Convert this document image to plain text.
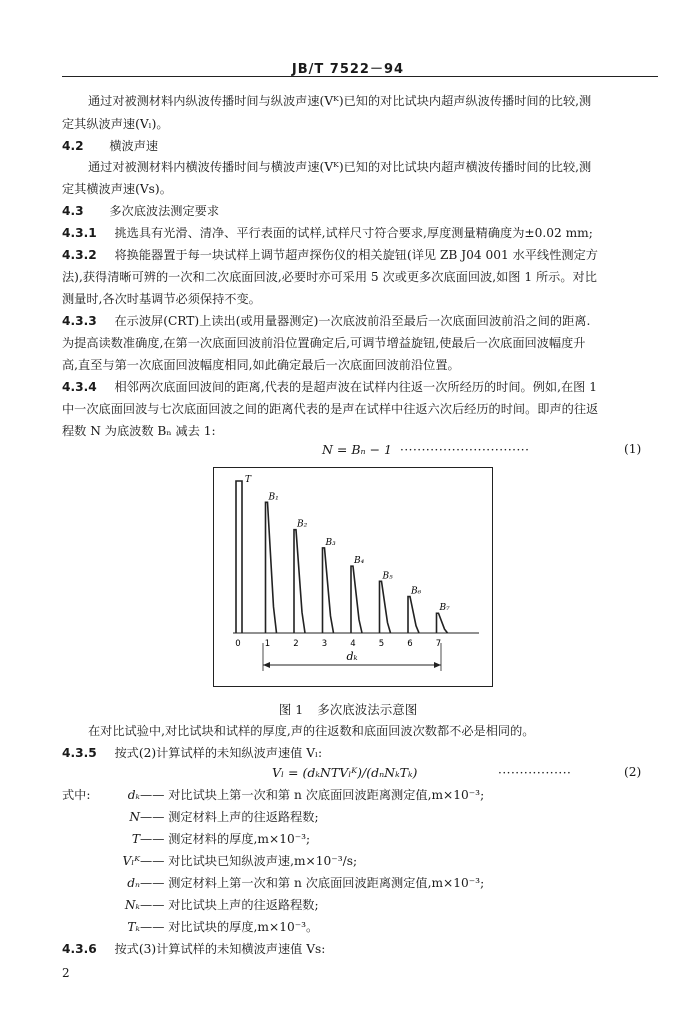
JB/T 7522－94
通过对被测材料内纵波传播时间与纵波声速(Vᴷ)已知的对比试块内超声纵波传播时间的比较,测
定其纵波声速(Vₗ)。
4.2 横波声速
通过对被测材料内横波传播时间与横波声速(Vᴷ)已知的对比试块内超声横波传播时间的比较,测
定其横波声速(Vs)。
4.3 多次底波法测定要求
4.3.1 挑选具有光滑、清净、平行表面的试样,试样尺寸符合要求,厚度测量精确度为±0.02 mm;
4.3.2 将换能器置于每一块试样上调节超声探伤仪的相关旋钮(详见 ZB J04 001 水平线性测定方
法),获得清晰可辨的一次和二次底面回波,必要时亦可采用 5 次或更多次底面回波,如图 1 所示。对比
测量时,各次时基调节必须保持不变。
4.3.3 在示波屏(CRT)上读出(或用量器测定)一次底波前沿至最后一次底面回波前沿之间的距离.
为提高读数准确度,在第一次底面回波前沿位置确定后,可调节增益旋钮,使最后一次底面回波幅度升
高,直至与第一次底面回波幅度相同,如此确定最后一次底面回波前沿位置。
4.3.4 相邻两次底面回波间的距离,代表的是超声波在试样内往返一次所经历的时间。例如,在图 1
中一次底面回波与七次底面回波之间的距离代表的是声在试样中往返六次后经历的时间。即声的往返
程数 N 为底波数 Bₙ 减去 1:
N = Bₙ − 1 ······························	(1)
T
B₁
B₂
B₃
B₄
B₅
B₆
B₇
0	1	2	3	4	5	6	7
dₖ
图 1 多次底波法示意图
在对比试验中,对比试块和试样的厚度,声的往返数和底面回波次数都不必是相同的。
4.3.5 按式(2)计算试样的未知纵波声速值 Vₗ:
Vₗ = (dₖNTVₗᴷ)/(dₙNₖTₖ)	·················	(2)
式中:	dₖ—— 对比试块上第一次和第 n 次底面回波距离测定值,m×10⁻³;
N—— 测定材料上声的往返路程数;
T—— 测定材料的厚度,m×10⁻³;
Vₗᴷ—— 对比试块已知纵波声速,m×10⁻³/s;
dₙ—— 测定材料上第一次和第 n 次底面回波距离测定值,m×10⁻³;
Nₖ—— 对比试块上声的往返路程数;
Tₖ—— 对比试块的厚度,m×10⁻³。
4.3.6 按式(3)计算试样的未知横波声速值 Vs:
2
